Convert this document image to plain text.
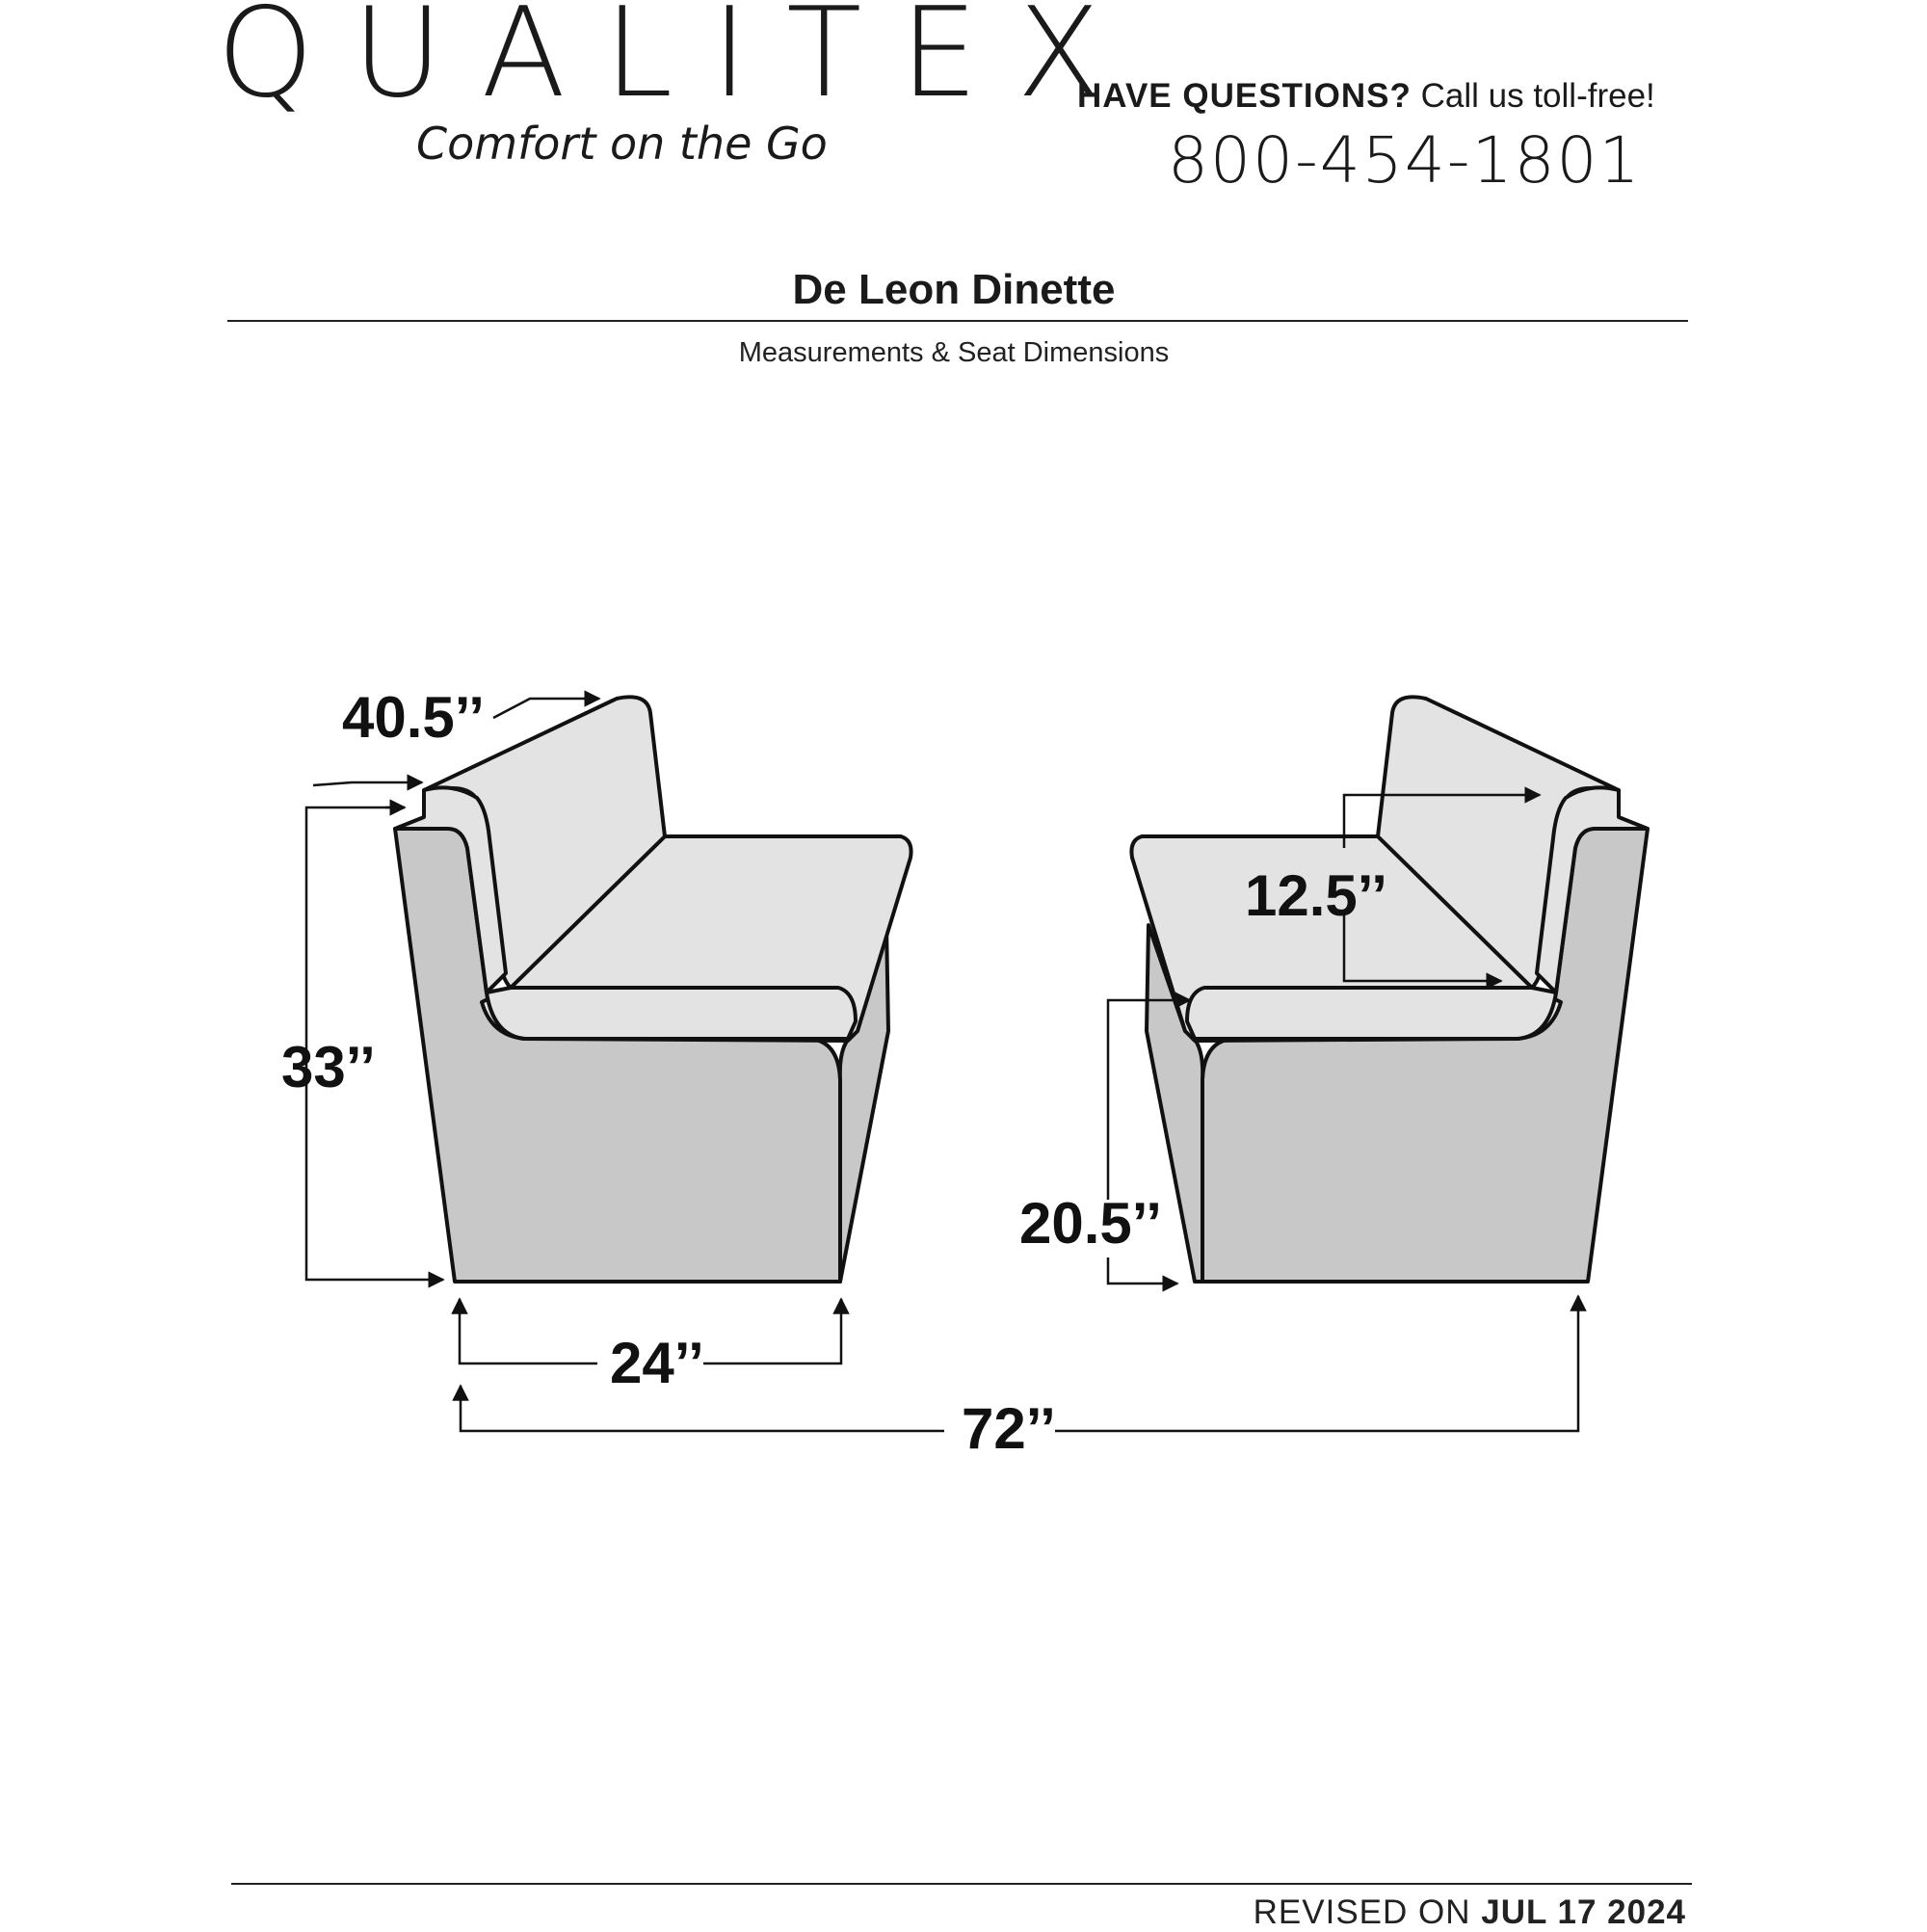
QUALITEX
Comfort on the Go
HAVE QUESTIONS? Call us toll-free!
800-454-1801
De Leon Dinette
Measurements & Seat Dimensions
40.5’’
33’’
24’’
72’’
12.5’’
20.5’’
REVISED ON JUL 17 2024
